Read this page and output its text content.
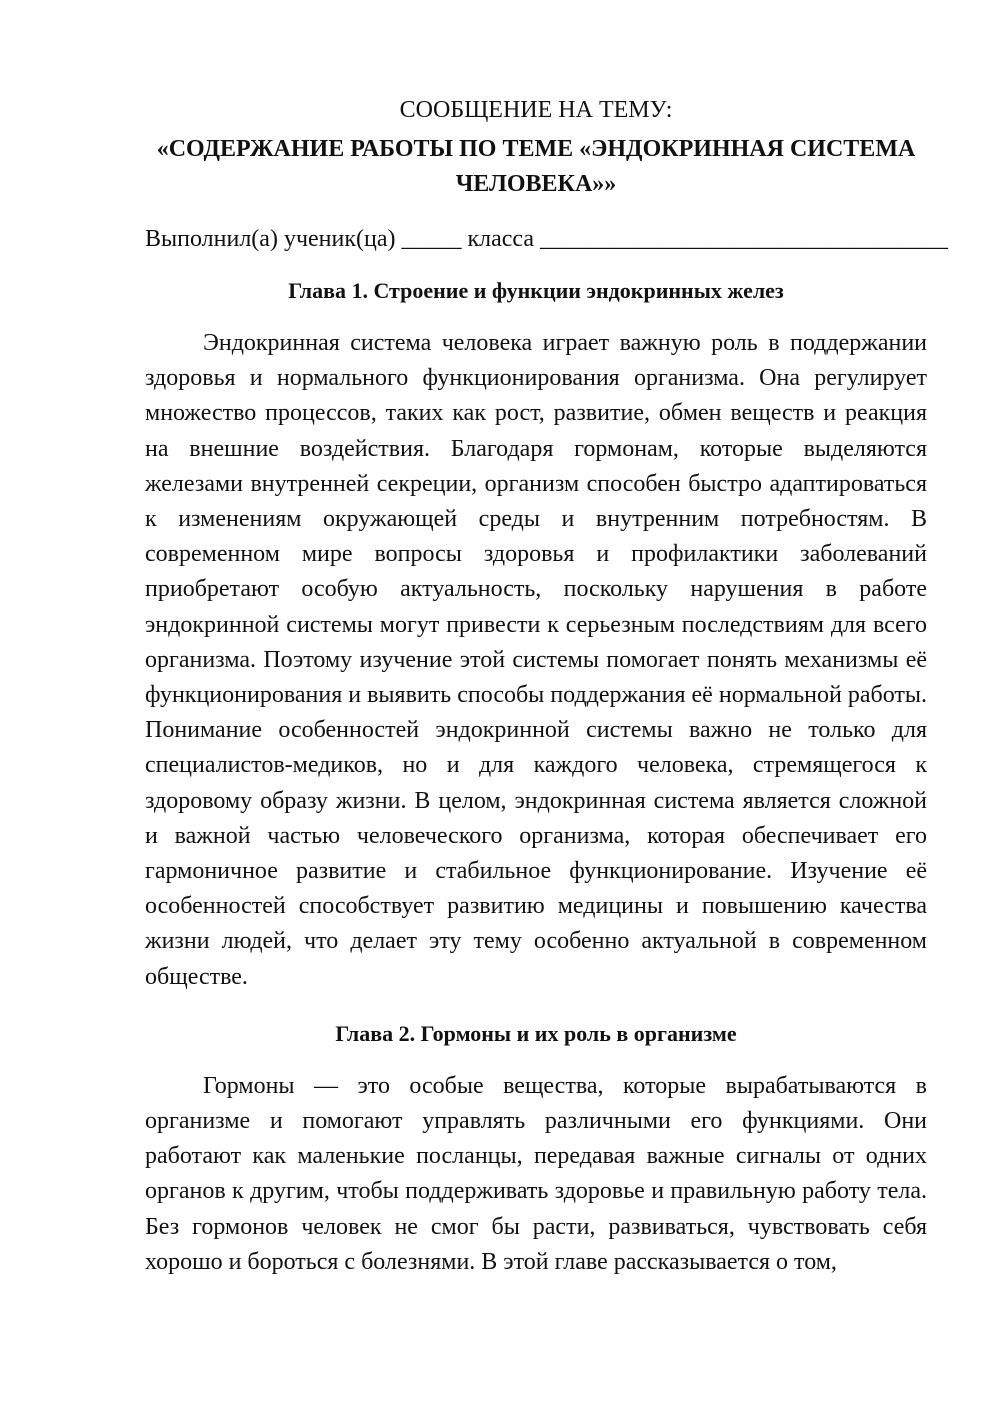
СООБЩЕНИЕ НА ТЕМУ:

«СОДЕРЖАНИЕ РАБОТЫ ПО ТЕМЕ «ЭНДОКРИННАЯ СИСТЕМА ЧЕЛОВЕКА»»

Выполнил(а) ученик(ца) _____ класса __________________________________

Глава 1. Строение и функции эндокринных желез

Эндокринная система человека играет важную роль в поддержании здоровья и нормального функционирования организма. Она регулирует множество процессов, таких как рост, развитие, обмен веществ и реакция на внешние воздействия. Благодаря гормонам, которые выделяются железами внутренней секреции, организм способен быстро адаптироваться к изменениям окружающей среды и внутренним потребностям. В современном мире вопросы здоровья и профилактики заболеваний приобретают особую актуальность, поскольку нарушения в работе эндокринной системы могут привести к серьезным последствиям для всего организма. Поэтому изучение этой системы помогает понять механизмы её функционирования и выявить способы поддержания её нормальной работы. Понимание особенностей эндокринной системы важно не только для специалистов-медиков, но и для каждого человека, стремящегося к здоровому образу жизни. В целом, эндокринная система является сложной и важной частью человеческого организма, которая обеспечивает его гармоничное развитие и стабильное функционирование. Изучение её особенностей способствует развитию медицины и повышению качества жизни людей, что делает эту тему особенно актуальной в современном обществе.

Глава 2. Гормоны и их роль в организме

Гормоны — это особые вещества, которые вырабатываются в организме и помогают управлять различными его функциями. Они работают как маленькие посланцы, передавая важные сигналы от одних органов к другим, чтобы поддерживать здоровье и правильную работу тела. Без гормонов человек не смог бы расти, развиваться, чувствовать себя хорошо и бороться с болезнями. В этой главе рассказывается о том,
